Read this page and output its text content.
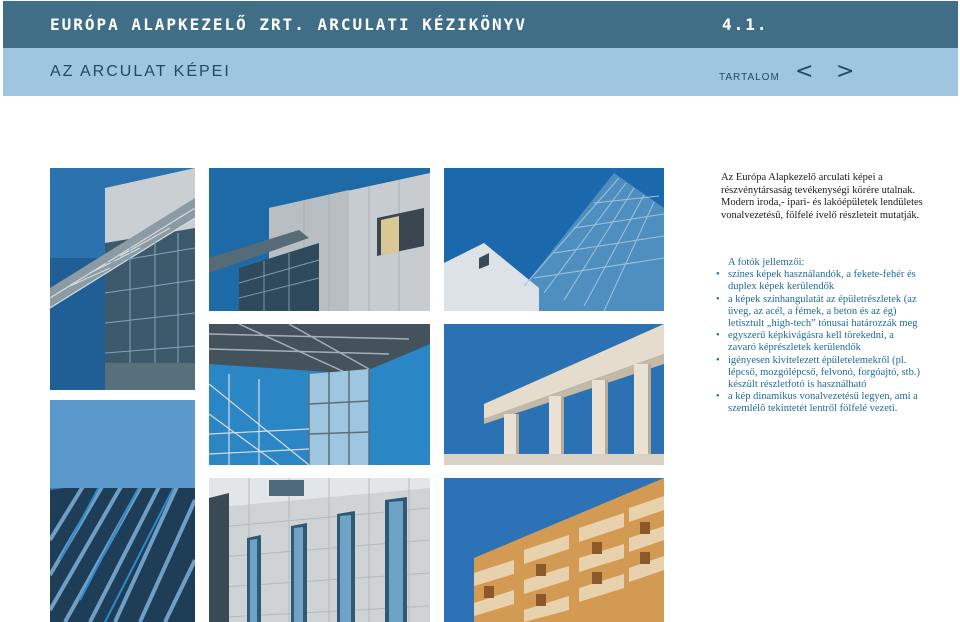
EURÓPA ALAPKEZELŐ ZRT. ARCULATI KÉZIKÖNYV	4.1.
AZ ARCULAT KÉPEI	TARTALOM < >
Az Európa Alapkezelő arculati képei a részvénytársaság tevékenységi körére utalnak. Modern iroda,- ipari- és lakóépületek lendületes vonalvezetésű, fölfelé ívelő részleteit mutatják.
A fotók jellemzői:
• színes képek használandók, a fekete-fehér és duplex képek kerülendők
• a képek színhangulatát az épületrészletek (az üveg, az acél, a fémek, a beton és az ég) letisztult „high-tech” tónusai határozzák meg
• egyszerű képkivágásra kell törekedni, a zavaró képrészletek kerülendők
• igényesen kivitelezett épületelemekről (pl. lépcső, mozgólépcső, felvonó, forgóajtó, stb.) készült részletfotó is használható
• a kép dinamikus vonalvezetésű legyen, ami a szemlélő tekintetét lentről fölfelé vezeti.
